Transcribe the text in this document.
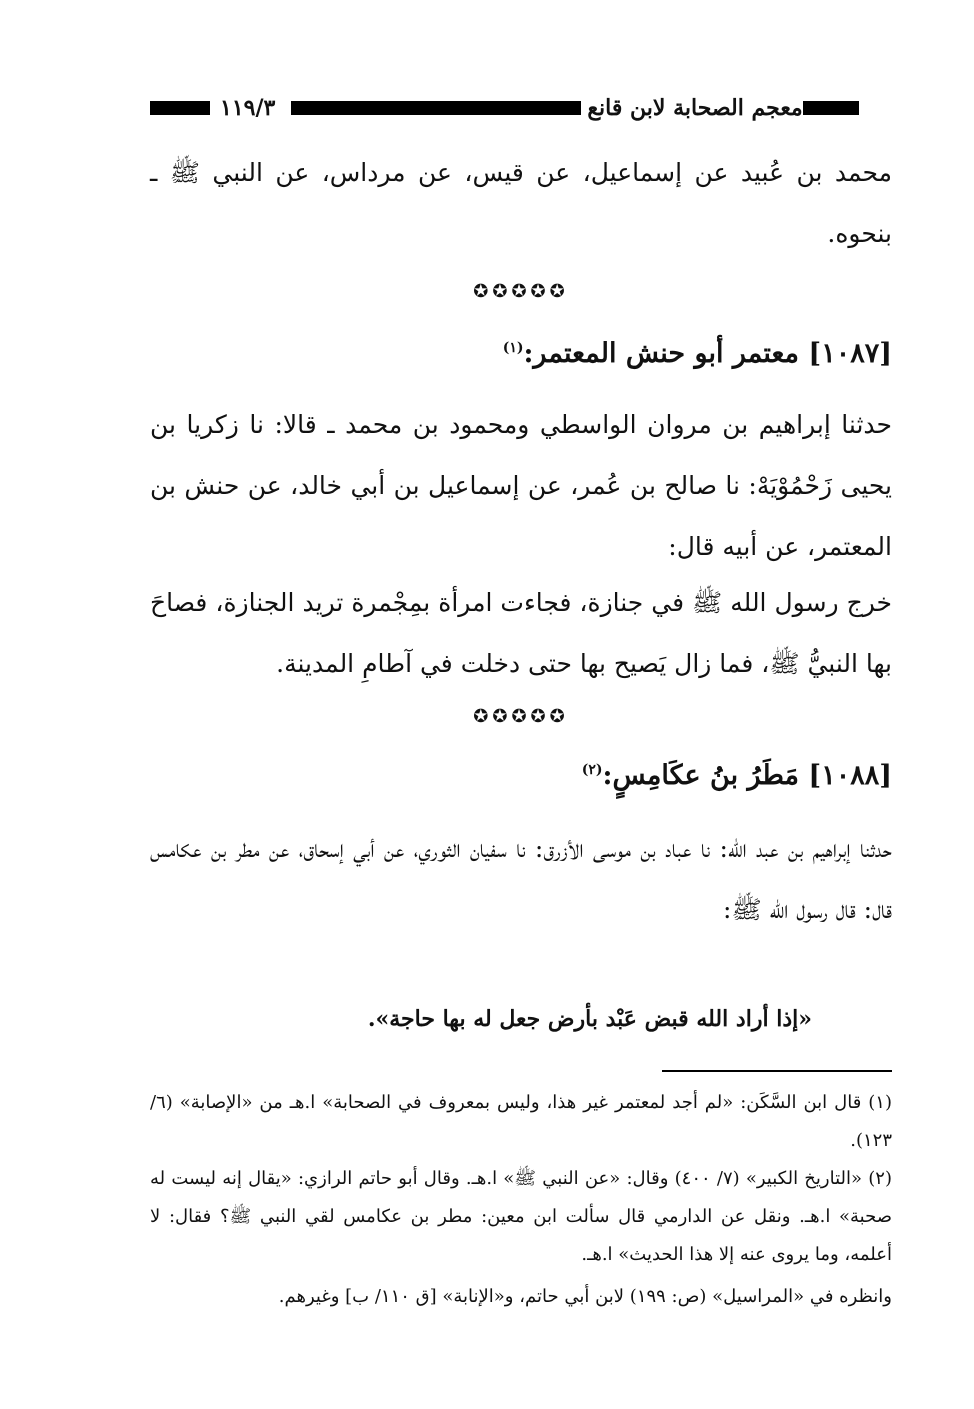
١١٩/٣	معجم الصحابة لابن قانع
محمد بن عُبيد عن إسماعيل، عن قيس، عن مرداس، عن النبي ﷺ ـ بنحوه.
✪✪✪✪✪
[١٠٨٧] معتمر أبو حنش المعتمر:$^{(١)}$
حدثنا إبراهيم بن مروان الواسطي ومحمود بن محمد ـ قالا: نا زكريا بن يحيى زَحْمُوْيَهْ: نا صالح بن عُمر، عن إسماعيل بن أبي خالد، عن حنش بن المعتمر، عن أبيه قال:
خرج رسول الله ﷺ في جنازة، فجاءت امرأة بمِجْمرة تريد الجنازة، فصاحَ بها النبيُّ ﷺ، فما زال يَصيح بها حتى دخلت في آطامِ المدينة.
✪✪✪✪✪
[١٠٨٨] مَطَرُ بنُ عكَامِسٍ:$^{(٢)}$
حدثنا إبراهيم بن عبد الله: نا عباد بن موسى الأزرق: نا سفيان الثوري، عن أبي إسحاق، عن مطر بن عكامس قال: قال رسول الله ﷺ:
«إذا أراد الله قبض عَبْد بأرض جعل له بها حاجة».
(١) قال ابن السَّكَن: «لم أجد لمعتمر غير هذا، وليس بمعروف في الصحابة» ا.هـ من «الإصابة» (٦/ ١٢٣).
(٢) «التاريخ الكبير» (٧/ ٤٠٠) وقال: «عن النبي ﷺ» ا.هـ. وقال أبو حاتم الرازي: «يقال إنه ليست له صحبة» ا.هـ. ونقل عن الدارمي قال سألت ابن معين: مطر بن عكامس لقي النبي ﷺ؟ فقال: لا أعلمه، وما يروى عنه إلا هذا الحديث» ا.هـ.
وانظره في «المراسيل» (ص: ١٩٩) لابن أبي حاتم، و«الإنابة» [ق ١١٠/ ب] وغيرهم.
